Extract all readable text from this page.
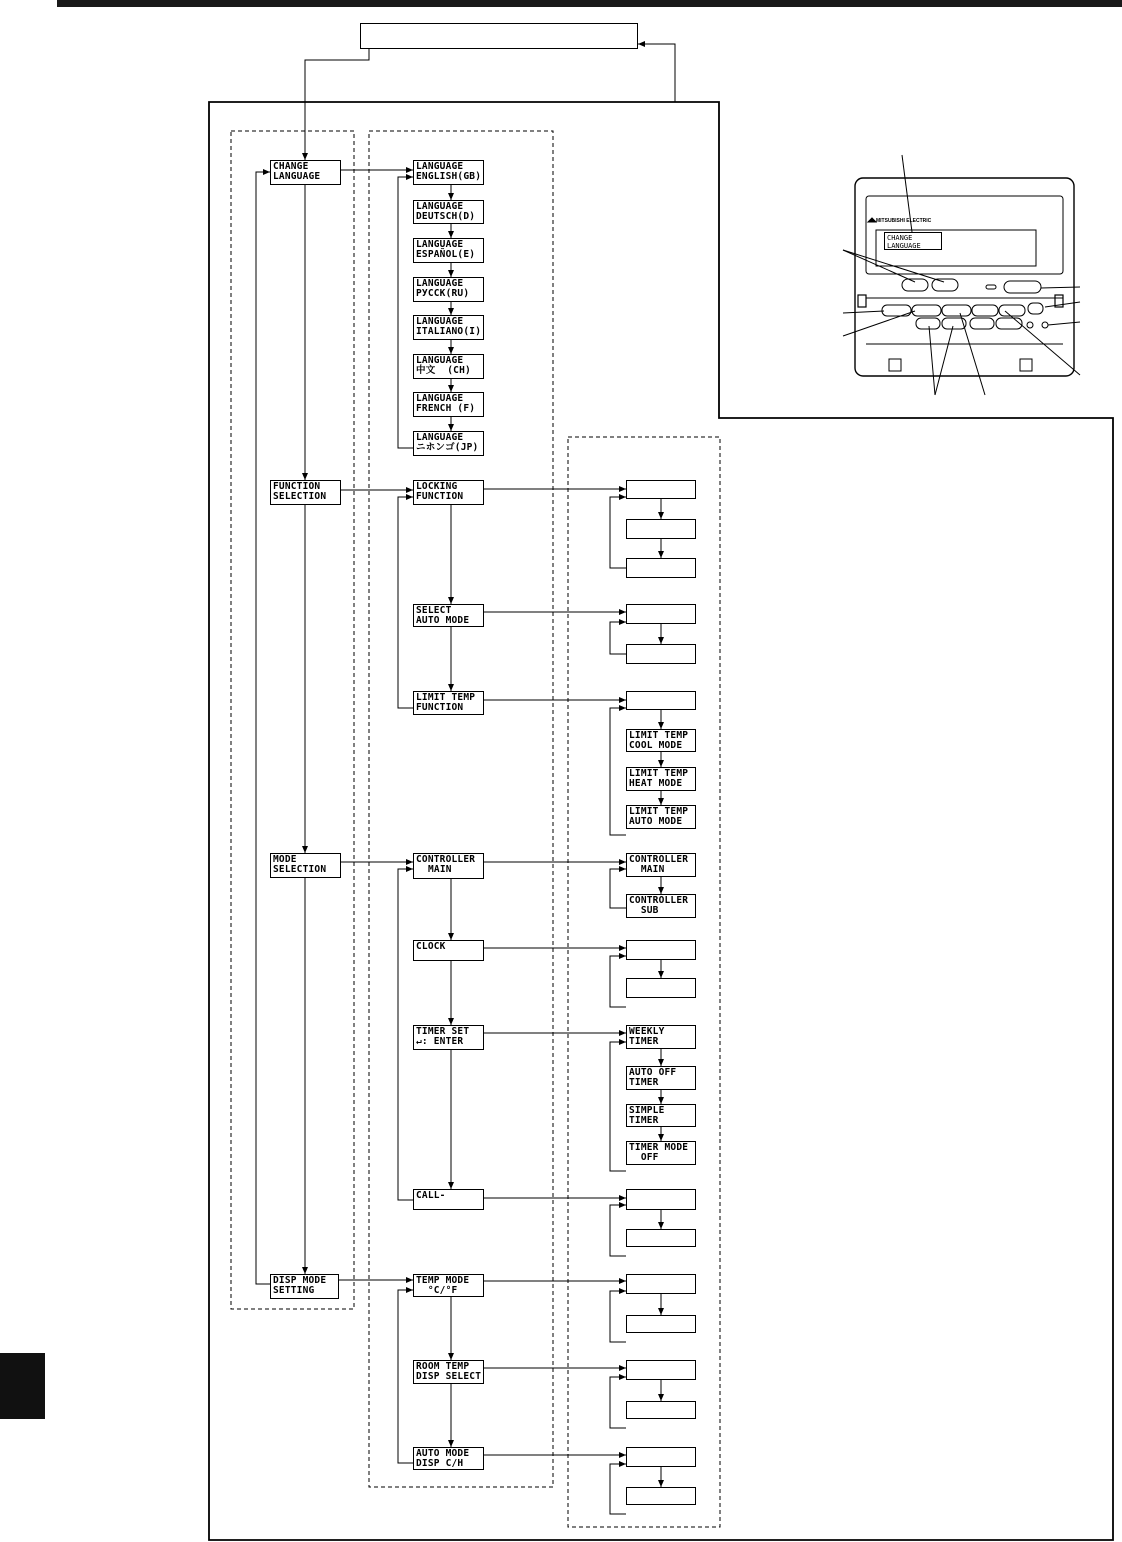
CHANGE
LANGUAGE
FUNCTION
SELECTION
MODE
SELECTION
DISP MODE
SETTING
LANGUAGE
ENGLISH(GB)
LANGUAGE
DEUTSCH(D)
LANGUAGE
ESPAÑOL(E)
LANGUAGE
РУССК(RU)
LANGUAGE
ITALIANO(I)
LANGUAGE
中文  (CH)
LANGUAGE
FRENCH (F)
LANGUAGE
ニホンゴ(JP)
LOCKING
FUNCTION
SELECT
AUTO MODE
LIMIT TEMP
FUNCTION
CONTROLLER
MAIN
CLOCK
TIMER SET
↵: ENTER
CALL-
TEMP MODE
°C/°F
ROOM TEMP
DISP SELECT
AUTO MODE
DISP C/H
LIMIT TEMP
COOL MODE
LIMIT TEMP
HEAT MODE
LIMIT TEMP
AUTO MODE
CONTROLLER
MAIN
CONTROLLER
SUB
WEEKLY
TIMER
AUTO OFF
TIMER
SIMPLE
TIMER
TIMER MODE
OFF
MITSUBISHI ELECTRIC
CHANGE
LANGUAGE
